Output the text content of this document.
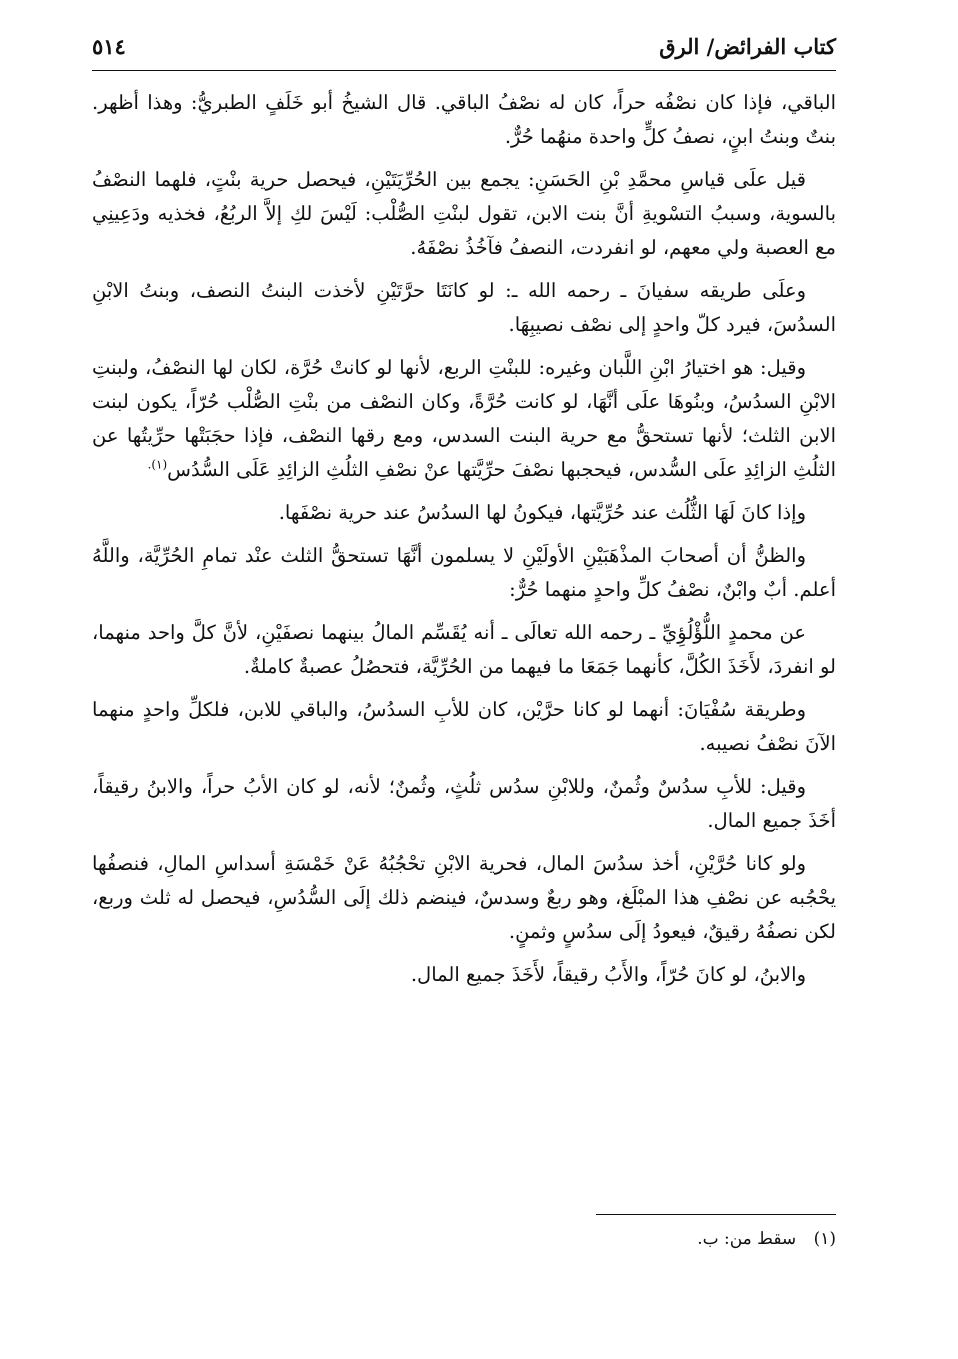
كتاب الفرائض/ الرق
٥١٤

الباقي، فإذا كان نصْفُه حراً، كان له نصْفُ الباقي. قال الشيخُ أبو خَلَفٍ الطبريُّ: وهذا أظهر. بنتٌ وبنتُ ابنٍ، نصفُ كلٍّ واحدة منهُما حُرٌّ.

قيل علَى قياسِ محمَّدِ بْنِ الحَسَنِ: يجمع بين الحُرِّيَتَيْنِ، فيحصل حرية بنْتٍ، فلهما النصْفُ بالسوية، وسببُ التسْويةِ أنَّ بنت الابن، تقول لبنْتِ الصُّلْب: لَيْسَ لكِ إلاَّ الربُعُ، فخذيه ودَعِينِي مع العصبة ولي معهم، لو انفردت، النصفُ فآخُذُ نصْفَهُ.

وعلَى طريقه سفيانَ ـ رحمه الله ـ: لو كانَتَا حرَّتَيْنِ لأخذت البنتُ النصف، وبنتُ الابْنِ السدُسَ، فيرد كلّ واحدٍ إلى نصْف نصيبِهَا.

وقيل: هو اختيارُ ابْنِ اللَّبان وغيره: للبنْتِ الربع، لأنها لو كانتْ حُرَّة، لكان لها النصْفُ، ولبنتِ الابْنِ السدُسُ، وبنُوهَا علَى أنَّهَا، لو كانت حُرَّةً، وكان النصْف من بنْتِ الصُّلْب حُرّاً، يكون لبنت الابن الثلث؛ لأنها تستحقُّ مع حرية البنت السدس، ومع رقها النصْف، فإذا حجَبَتْها حرِّيتُها عن الثلُثِ الزائِدِ علَى السُّدس، فيحجبها نصْفَ حرِّيَّتها عنْ نصْفِ الثلُثِ الزائِدِ عَلَى السُّدُس$^{(١).}$

وإذا كانَ لَهَا الثُّلُث عند حُرِّيَّتها، فيكونُ لها السدُسُ عند حرية نصْفَها.

والظنُّ أن أصحابَ المذْهَبَيْنِ الأولَيْنِ لا يسلمون أنَّهَا تستحقُّ الثلث عنْد تمامِ الحُرِّيَّة، واللَّهُ أعلم. أبٌ وابْنٌ، نصْفُ كلِّ واحدٍ منهما حُرٌّ:

عن محمدٍ اللُّؤْلُؤِيِّ ـ رحمه الله تعالَى ـ أنه يُقَسِّم المالُ بينهما نصفَيْنِ، لأنَّ كلَّ واحد منهما، لو انفردَ، لأَخَذَ الكُلَّ، كأنهما جَمَعَا ما فيهما من الحُرِّيَّة، فتحصُلُ عصبةٌ كاملةٌ.

وطريقة سُفْيَانَ: أنهما لو كانا حرَّيْن، كان للأبِ السدُسُ، والباقي للابن، فلكلِّ واحدٍ منهما الآنَ نصْفُ نصيبه.

وقيل: للأبِ سدُسٌ وثُمنٌ، وللابْنِ سدُس ثلُثٍ، وثُمنٌ؛ لأنه، لو كان الأبُ حراً، والابنُ رقيقاً، أخَذَ جميع المال.

ولو كانا حُرَّيْنِ، أخذ سدُسَ المال، فحرية الابْنِ تحْجُبُهُ عَنْ خَمْسَةِ أسداسِ المالِ، فنصفُها يحْجُبه عن نصْفِ هذا المبْلَغ، وهو ربعٌ وسدسٌ، فينضم ذلك إلَى السُّدُسِ، فيحصل له ثلث وربع، لكن نصفُهُ رقيقٌ، فيعودُ إلَى سدُسٍ وثمنٍ.

والابنُ، لو كانَ حُرّاً، والأَبُ رقيقاً، لأَخَذَ جميع المال.

(١) سقط من: ب.
